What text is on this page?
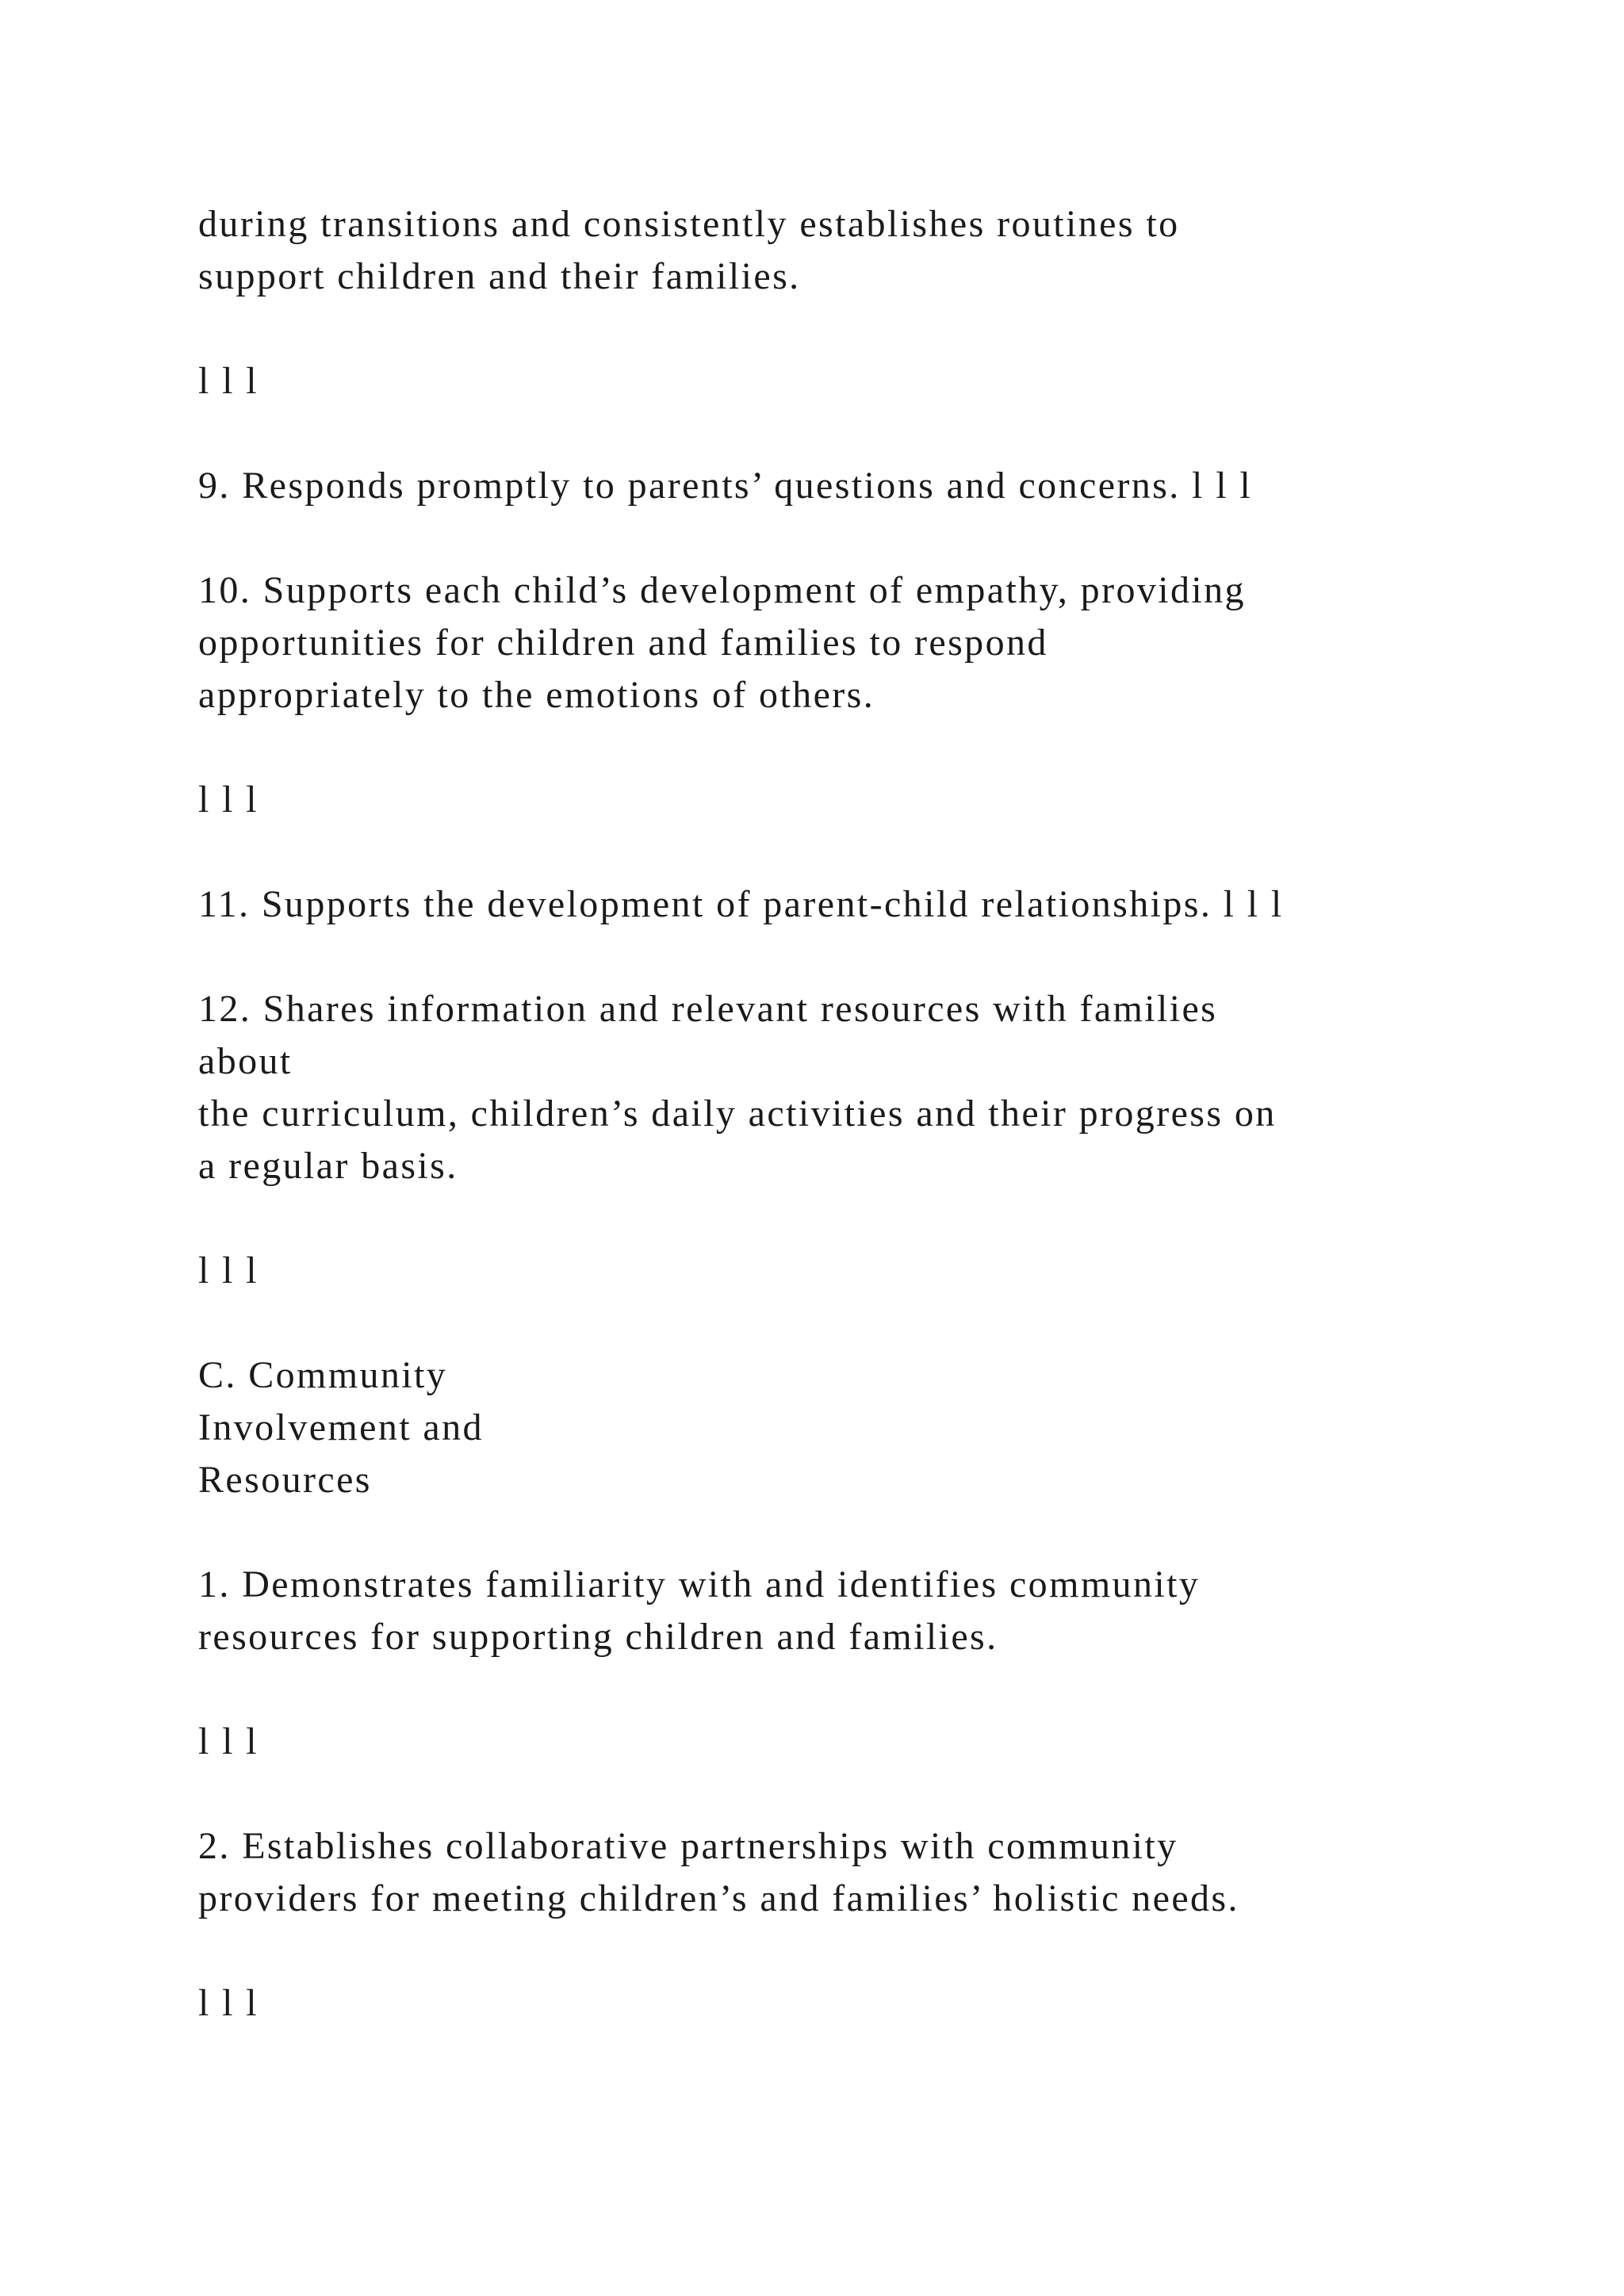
during transitions and consistently establishes routines to
support children and their families.

l l l

9. Responds promptly to parents’ questions and concerns. l l l

10. Supports each child’s development of empathy, providing
opportunities for children and families to respond
appropriately to the emotions of others.

l l l

11. Supports the development of parent-child relationships. l l l

12. Shares information and relevant resources with families
about
the curriculum, children’s daily activities and their progress on
a regular basis.

l l l

C. Community
Involvement and
Resources

1. Demonstrates familiarity with and identifies community
resources for supporting children and families.

l l l

2. Establishes collaborative partnerships with community
providers for meeting children’s and families’ holistic needs.

l l l
